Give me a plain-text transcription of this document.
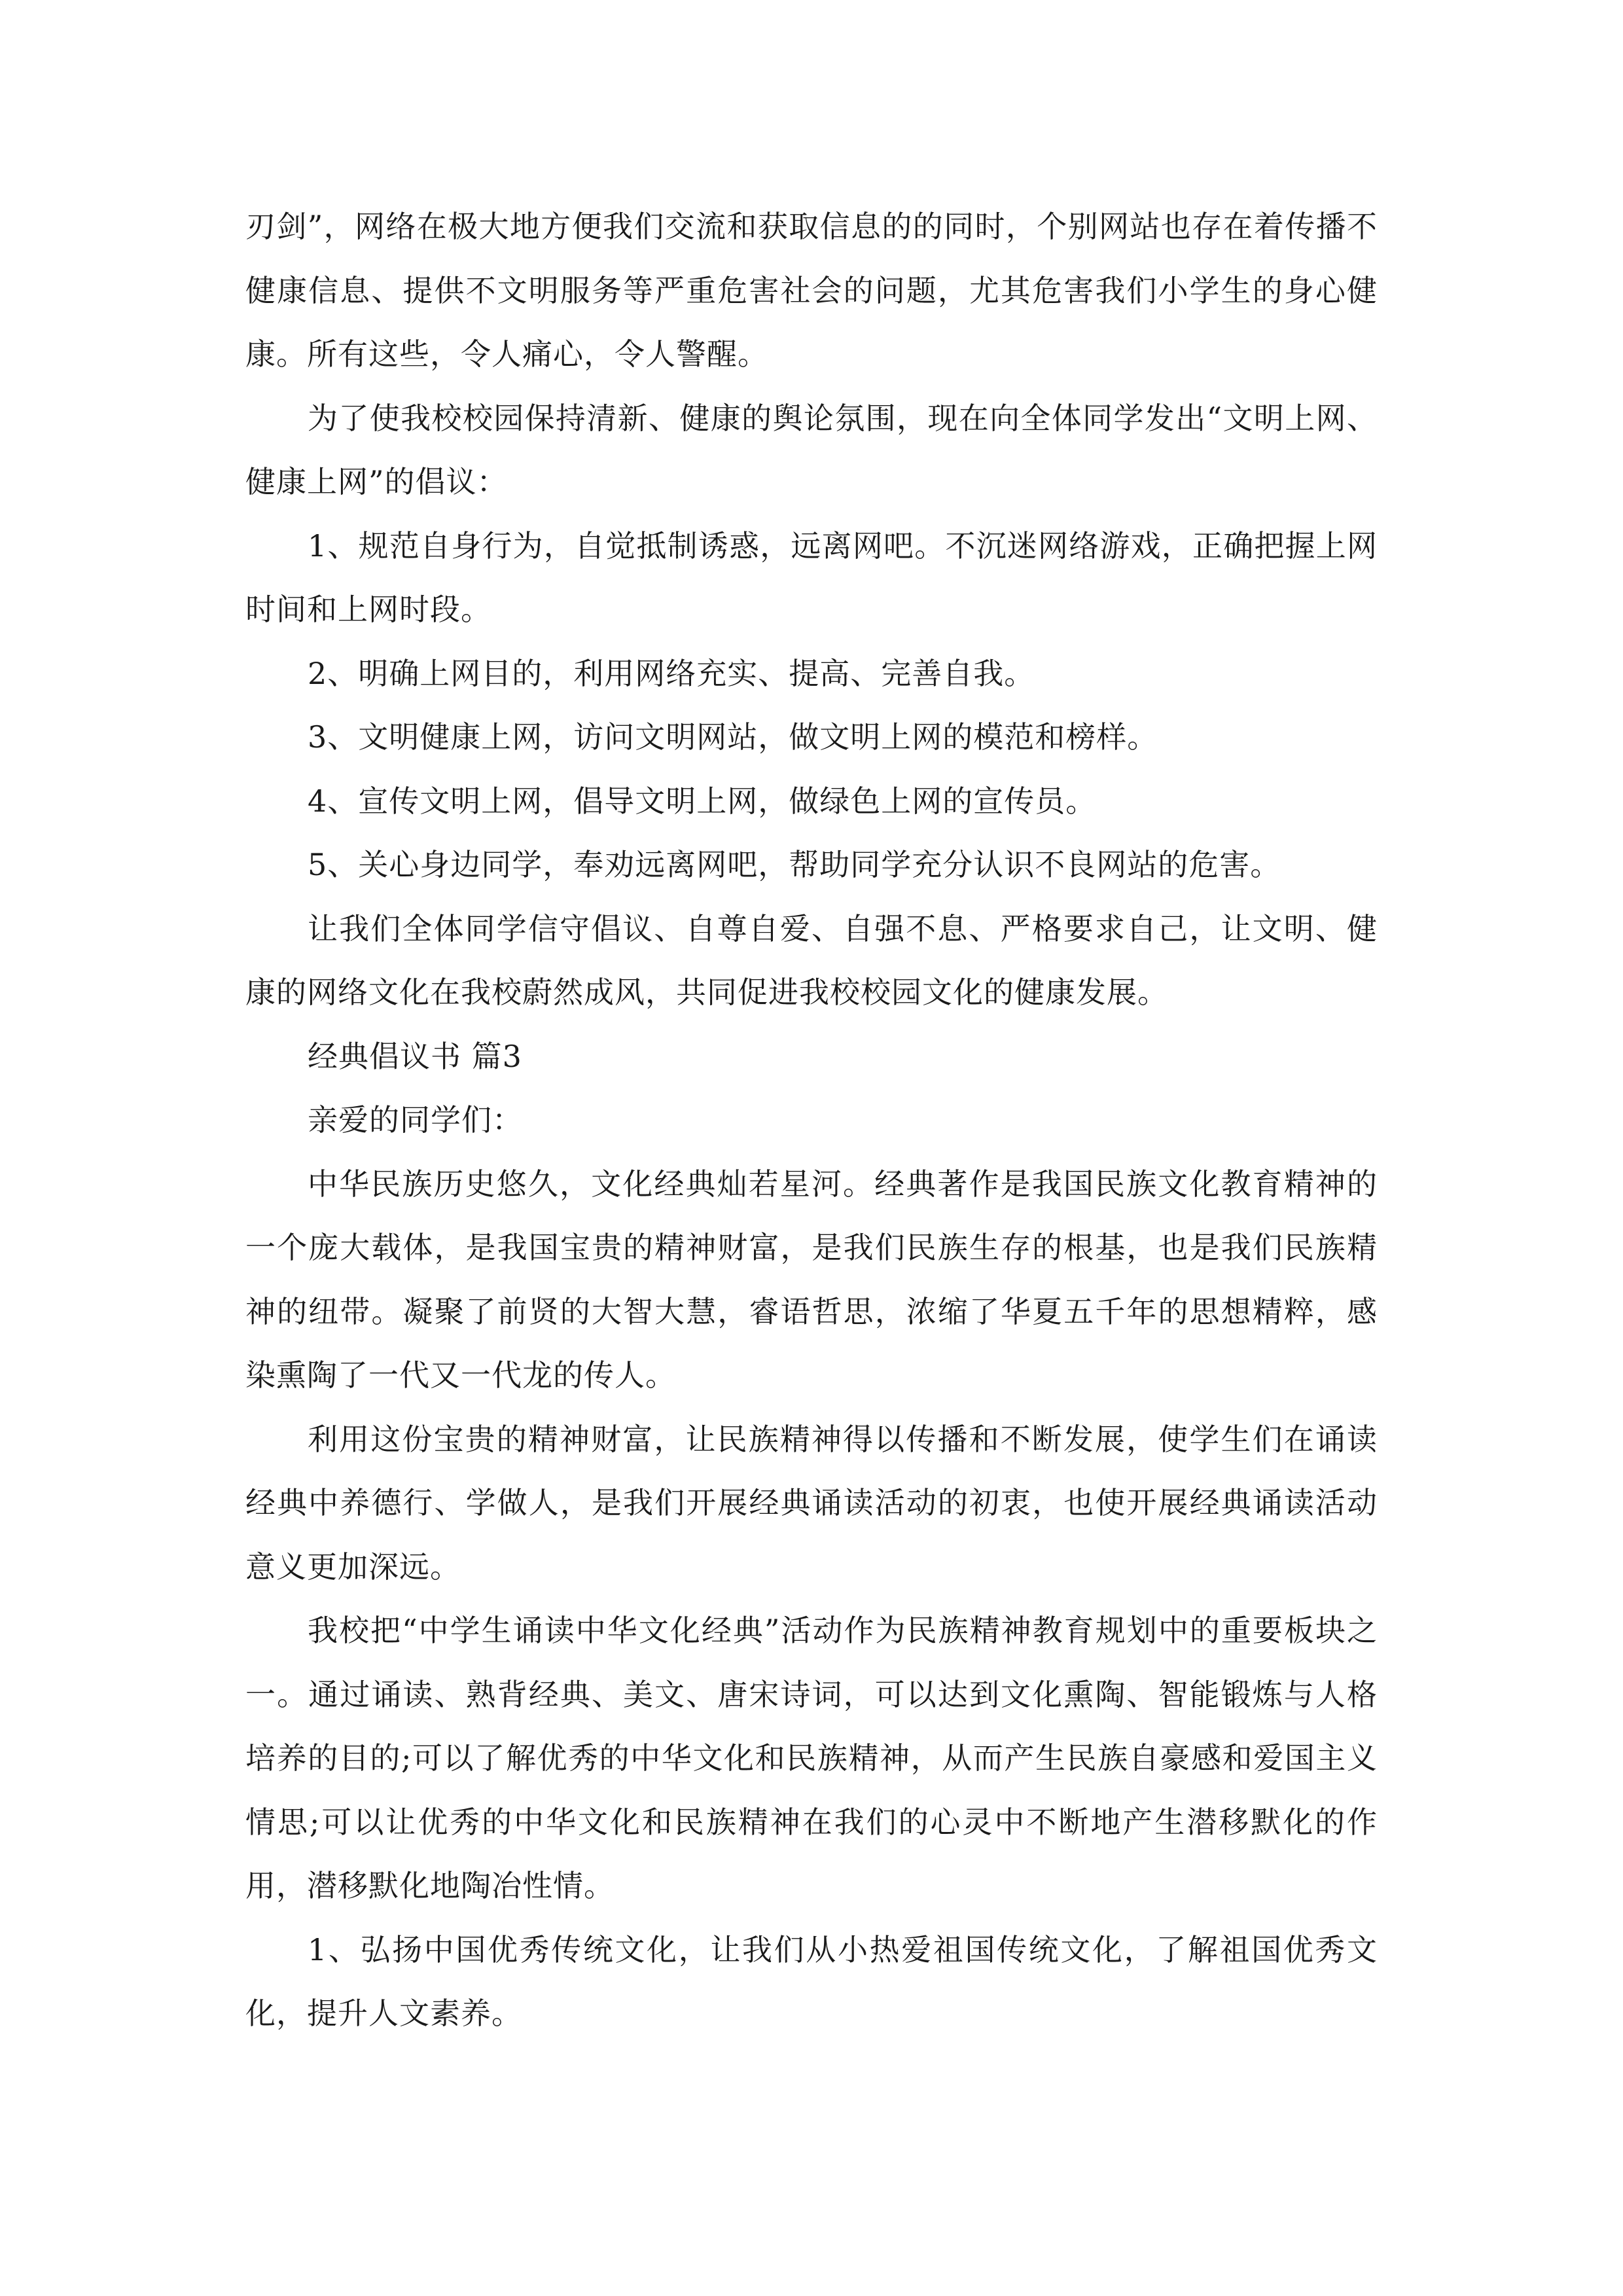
刃剑”，网络在极大地方便我们交流和获取信息的的同时，个别网站也存在着传播不健康信息、提供不文明服务等严重危害社会的问题，尤其危害我们小学生的身心健康。所有这些，令人痛心，令人警醒。

为了使我校校园保持清新、健康的舆论氛围，现在向全体同学发出“文明上网、健康上网”的倡议：

1、规范自身行为，自觉抵制诱惑，远离网吧。不沉迷网络游戏，正确把握上网时间和上网时段。

2、明确上网目的，利用网络充实、提高、完善自我。

3、文明健康上网，访问文明网站，做文明上网的模范和榜样。

4、宣传文明上网，倡导文明上网，做绿色上网的宣传员。

5、关心身边同学，奉劝远离网吧，帮助同学充分认识不良网站的危害。

让我们全体同学信守倡议、自尊自爱、自强不息、严格要求自己，让文明、健康的网络文化在我校蔚然成风，共同促进我校校园文化的健康发展。

经典倡议书 篇3

亲爱的同学们：

中华民族历史悠久，文化经典灿若星河。经典著作是我国民族文化教育精神的一个庞大载体，是我国宝贵的精神财富，是我们民族生存的根基，也是我们民族精神的纽带。凝聚了前贤的大智大慧，睿语哲思，浓缩了华夏五千年的思想精粹，感染熏陶了一代又一代龙的传人。

利用这份宝贵的精神财富，让民族精神得以传播和不断发展，使学生们在诵读经典中养德行、学做人，是我们开展经典诵读活动的初衷，也使开展经典诵读活动意义更加深远。

我校把“中学生诵读中华文化经典”活动作为民族精神教育规划中的重要板块之一。通过诵读、熟背经典、美文、唐宋诗词，可以达到文化熏陶、智能锻炼与人格培养的目的;可以了解优秀的中华文化和民族精神，从而产生民族自豪感和爱国主义情思;可以让优秀的中华文化和民族精神在我们的心灵中不断地产生潜移默化的作用，潜移默化地陶冶性情。

1、弘扬中国优秀传统文化，让我们从小热爱祖国传统文化，了解祖国优秀文化，提升人文素养。
